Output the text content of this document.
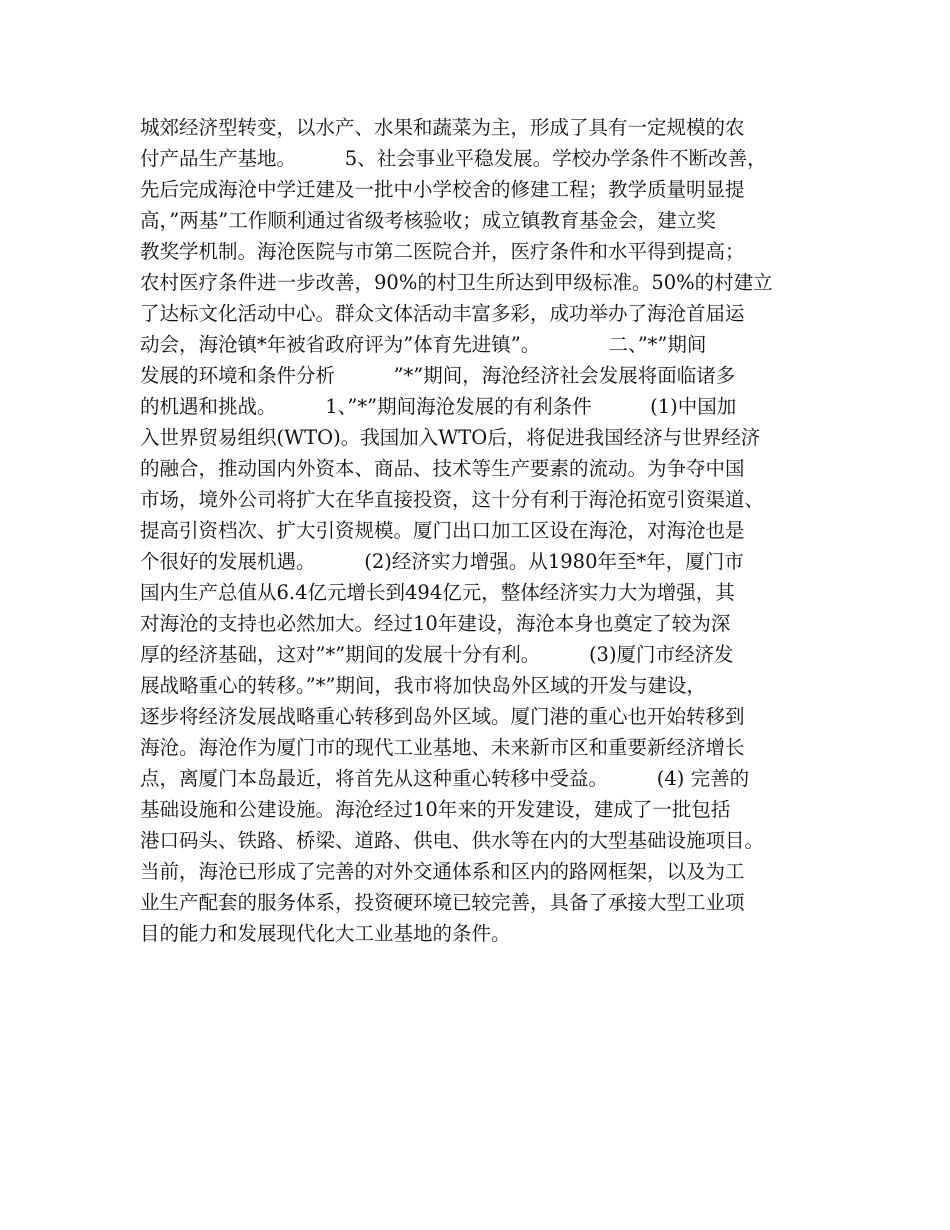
城郊经济型转变，以水产、水果和蔬菜为主，形成了具有一定规模的农
付产品生产基地。　　　5、社会事业平稳发展。学校办学条件不断改善，
先后完成海沧中学迁建及一批中小学校舍的修建工程；教学质量明显提
高，”两基”工作顺利通过省级考核验收；成立镇教育基金会，建立奖
教奖学机制。海沧医院与市第二医院合并，医疗条件和水平得到提高；
农村医疗条件进一步改善，90%的村卫生所达到甲级标准。50%的村建立
了达标文化活动中心。群众文体活动丰富多彩，成功举办了海沧首届运
动会，海沧镇*年被省政府评为”体育先进镇”。　　　　二、”*”期间
发展的环境和条件分析　　　”*”期间，海沧经济社会发展将面临诸多
的机遇和挑战。　　　1、”*”期间海沧发展的有利条件　　　(1)中国加
入世界贸易组织(WTO)。我国加入WTO后，将促进我国经济与世界经济
的融合，推动国内外资本、商品、技术等生产要素的流动。为争夺中国
市场，境外公司将扩大在华直接投资，这十分有利于海沧拓宽引资渠道、
提高引资档次、扩大引资规模。厦门出口加工区设在海沧，对海沧也是
个很好的发展机遇。　　　(2)经济实力增强。从1980年至*年，厦门市
国内生产总值从6.4亿元增长到494亿元，整体经济实力大为增强，其
对海沧的支持也必然加大。经过10年建设，海沧本身也奠定了较为深
厚的经济基础，这对”*”期间的发展十分有利。　　　(3)厦门市经济发
展战略重心的转移。”*”期间，我市将加快岛外区域的开发与建设，
逐步将经济发展战略重心转移到岛外区域。厦门港的重心也开始转移到
海沧。海沧作为厦门市的现代工业基地、未来新市区和重要新经济增长
点，离厦门本岛最近，将首先从这种重心转移中受益。　　　(4) 完善的
基础设施和公建设施。海沧经过10年来的开发建设，建成了一批包括
港口码头、铁路、桥梁、道路、供电、供水等在内的大型基础设施项目。
当前，海沧已形成了完善的对外交通体系和区内的路网框架，以及为工
业生产配套的服务体系，投资硬环境已较完善，具备了承接大型工业项
目的能力和发展现代化大工业基地的条件。
